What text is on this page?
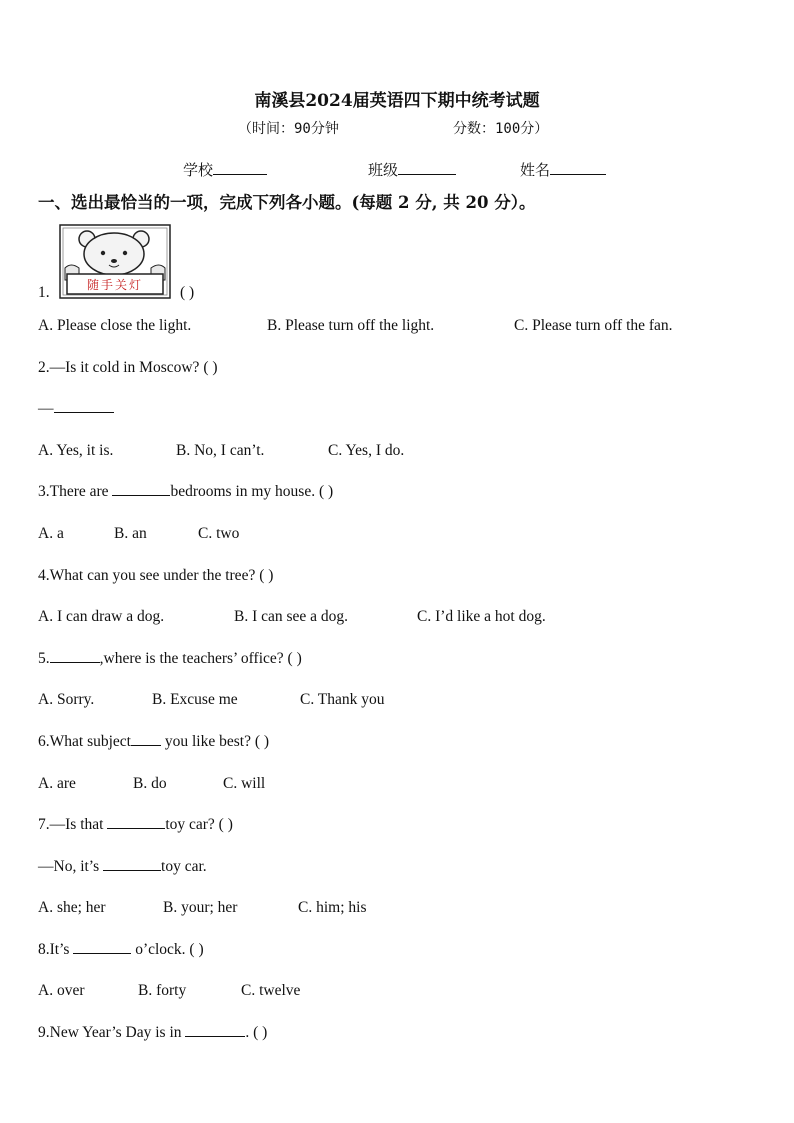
南溪县2024届英语四下期中统考试题
（时间：90分钟	分数：100分）
学校	班级	姓名
一、选出最恰当的一项，完成下列各小题。(每题 2 分, 共 20 分）。
随手关灯
1.	( )
A. Please close the light.	B. Please turn off the light.	C. Please turn off the fan.
2.—Is it cold in Moscow? ( )
—
A. Yes, it is.	B. No, I can’t.	C. Yes, I do.
3.There are	bedrooms in my house. ( )
A. a	B. an	C. two
4.What can you see under the tree? ( )
A. I can draw a dog.	B. I can see a dog.	C. I’d like a hot dog.
5.	,where is the teachers’ office? ( )
A. Sorry.	B. Excuse me	C. Thank you
6.What subject you like best? ( )
A. are	B. do	C. will
7.—Is that	toy car? ( )
—No, it’s	toy car.
A. she; her	B. your; her	C. him; his
8.It’s	o’clock. ( )
A. over	B. forty	C. twelve
9.New Year’s Day is in	. ( )
